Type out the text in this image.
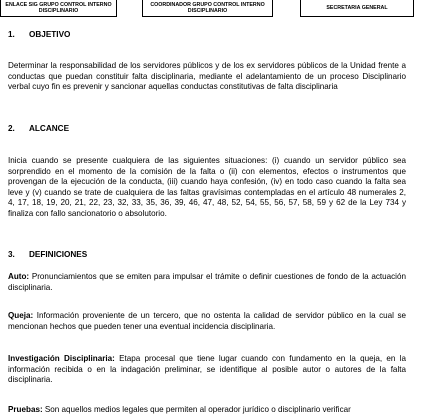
ENLACE SIG GRUPO CONTROL INTERNO DISCIPLINARIO		COORDINADOR GRUPO CONTROL INTERNO DISCIPLINARIO		SECRETARIA GENERAL
1. OBJETIVO

Determinar la responsabilidad de los servidores públicos y de los ex servidores públicos de la Unidad frente a conductas que puedan constituir falta disciplinaria, mediante el adelantamiento de un proceso Disciplinario verbal cuyo fin es prevenir y sancionar aquellas conductas constitutivas de falta disciplinaria

2. ALCANCE

Inicia cuando se presente cualquiera de las siguientes situaciones: (i) cuando un servidor público sea sorprendido en el momento de la comisión de la falta o (ii) con elementos, efectos o instrumentos que provengan de la ejecución de la conducta, (iii) cuando haya confesión, (iv) en todo caso cuando la falta sea leve y (v) cuando se trate de cualquiera de las faltas gravísimas contempladas en el artículo 48 numerales 2, 4, 17, 18, 19, 20, 21, 22, 23, 32, 33, 35, 36, 39, 46, 47, 48, 52, 54, 55, 56, 57, 58, 59 y 62 de la Ley 734 y finaliza con fallo sancionatorio o absolutorio.

3. DEFINICIONES

Auto: Pronunciamientos que se emiten para impulsar el trámite o definir cuestiones de fondo de la actuación disciplinaria.

Queja: Información proveniente de un tercero, que no ostenta la calidad de servidor público en la cual se mencionan hechos que pueden tener una eventual incidencia disciplinaria.

Investigación Disciplinaria: Etapa procesal que tiene lugar cuando con fundamento en la queja, en la información recibida o en la indagación preliminar, se identifique al posible autor o autores de la falta disciplinaria.

Pruebas: Son aquellos medios legales que permiten al operador jurídico o disciplinario verificar
